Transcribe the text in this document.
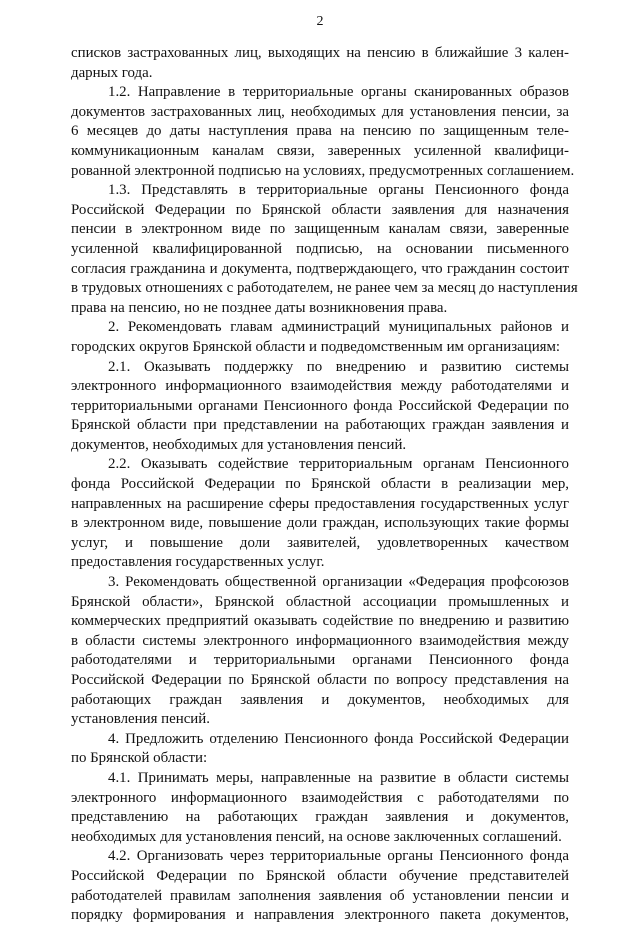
2
списков застрахованных лиц, выходящих на пенсию в ближайшие 3 кален-
дарных года.
1.2. Направление в территориальные органы сканированных образов
документов застрахованных лиц, необходимых для установления пенсии, за
6 месяцев до даты наступления права на пенсию по защищенным теле-
коммуникационным каналам связи, заверенных усиленной квалифици-
рованной электронной подписью на условиях, предусмотренных соглашением.
1.3. Представлять в территориальные органы Пенсионного фонда
Российской Федерации по Брянской области заявления для назначения
пенсии в электронном виде по защищенным каналам связи, заверенные
усиленной квалифицированной подписью, на основании письменного
согласия гражданина и документа, подтверждающего, что гражданин состоит
в трудовых отношениях с работодателем, не ранее чем за месяц до наступления
права на пенсию, но не позднее даты возникновения права.
2. Рекомендовать главам администраций муниципальных районов и
городских округов Брянской области и подведомственным им организациям:
2.1. Оказывать поддержку по внедрению и развитию системы
электронного информационного взаимодействия между работодателями и
территориальными органами Пенсионного фонда Российской Федерации по
Брянской области при представлении на работающих граждан заявления и
документов, необходимых для установления пенсий.
2.2. Оказывать содействие территориальным органам Пенсионного
фонда Российской Федерации по Брянской области в реализации мер,
направленных на расширение сферы предоставления государственных услуг
в электронном виде, повышение доли граждан, использующих такие формы
услуг, и повышение доли заявителей, удовлетворенных качеством
предоставления государственных услуг.
3. Рекомендовать общественной организации «Федерация профсоюзов
Брянской области», Брянской областной ассоциации промышленных и
коммерческих предприятий оказывать содействие по внедрению и развитию
в области системы электронного информационного взаимодействия между
работодателями и территориальными органами Пенсионного фонда
Российской Федерации по Брянской области по вопросу представления на
работающих граждан заявления и документов, необходимых для
установления пенсий.
4. Предложить отделению Пенсионного фонда Российской Федерации
по Брянской области:
4.1. Принимать меры, направленные на развитие в области системы
электронного информационного взаимодействия с работодателями по
представлению на работающих граждан заявления и документов,
необходимых для установления пенсий, на основе заключенных соглашений.
4.2. Организовать через территориальные органы Пенсионного фонда
Российской Федерации по Брянской области обучение представителей
работодателей правилам заполнения заявления об установлении пенсии и
порядку формирования и направления электронного пакета документов,
